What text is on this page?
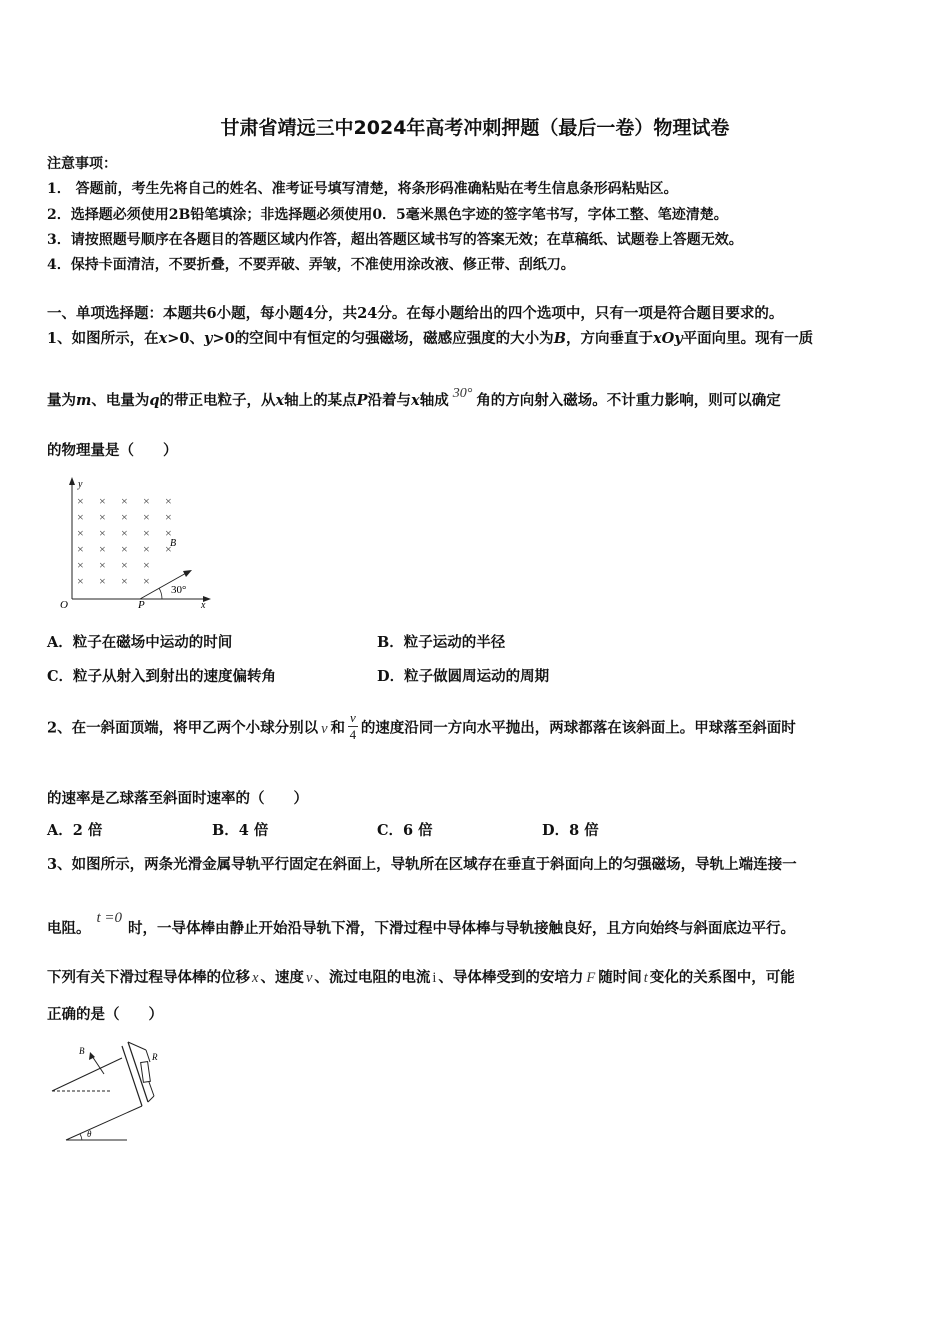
甘肃省靖远三中2024年高考冲刺押题（最后一卷）物理试卷
注意事项：
1． 答题前，考生先将自己的姓名、准考证号填写清楚，将条形码准确粘贴在考生信息条形码粘贴区。
2．选择题必须使用2B铅笔填涂；非选择题必须使用0．5毫米黑色字迹的签字笔书写，字体工整、笔迹清楚。
3．请按照题号顺序在各题目的答题区域内作答，超出答题区域书写的答案无效；在草稿纸、试题卷上答题无效。
4．保持卡面清洁，不要折叠，不要弄破、弄皱，不准使用涂改液、修正带、刮纸刀。
一、单项选择题：本题共6小题，每小题4分，共24分。在每小题给出的四个选项中，只有一项是符合题目要求的。
1、如图所示，在x>0、y>0的空间中有恒定的匀强磁场，磁感应强度的大小为B，方向垂直于xOy平面向里。现有一质
量为m、电量为q的带正电粒子，从x轴上的某点P沿着与x轴成 30° 角的方向射入磁场。不计重力影响，则可以确定
的物理量是（　　）
y
O	P	x
B
30°
× × × × ×
× × × × ×
× × × × ×
× × × × ×
× × × ×
× × × ×
A．粒子在磁场中运动的时间	B．粒子运动的半径
C．粒子从射入到射出的速度偏转角	D．粒子做圆周运动的周期
2、在一斜面顶端，将甲乙两个小球分别以 v 和 $\frac{v}{4}$ 的速度沿同一方向水平抛出，两球都落在该斜面上。甲球落至斜面时
的速率是乙球落至斜面时速率的（　　）
A．2 倍	B．4 倍	C．6 倍	D．8 倍
3、如图所示，两条光滑金属导轨平行固定在斜面上，导轨所在区域存在垂直于斜面向上的匀强磁场，导轨上端连接一
电阻。t =0时，一导体棒由静止开始沿导轨下滑，下滑过程中导体棒与导轨接触良好，且方向始终与斜面底边平行。
下列有关下滑过程导体棒的位移 x 、速度 v 、流过电阻的电流 i 、导体棒受到的安培力 F 随时间 t 变化的关系图中，可能
正确的是（　　）
B
R
θ
